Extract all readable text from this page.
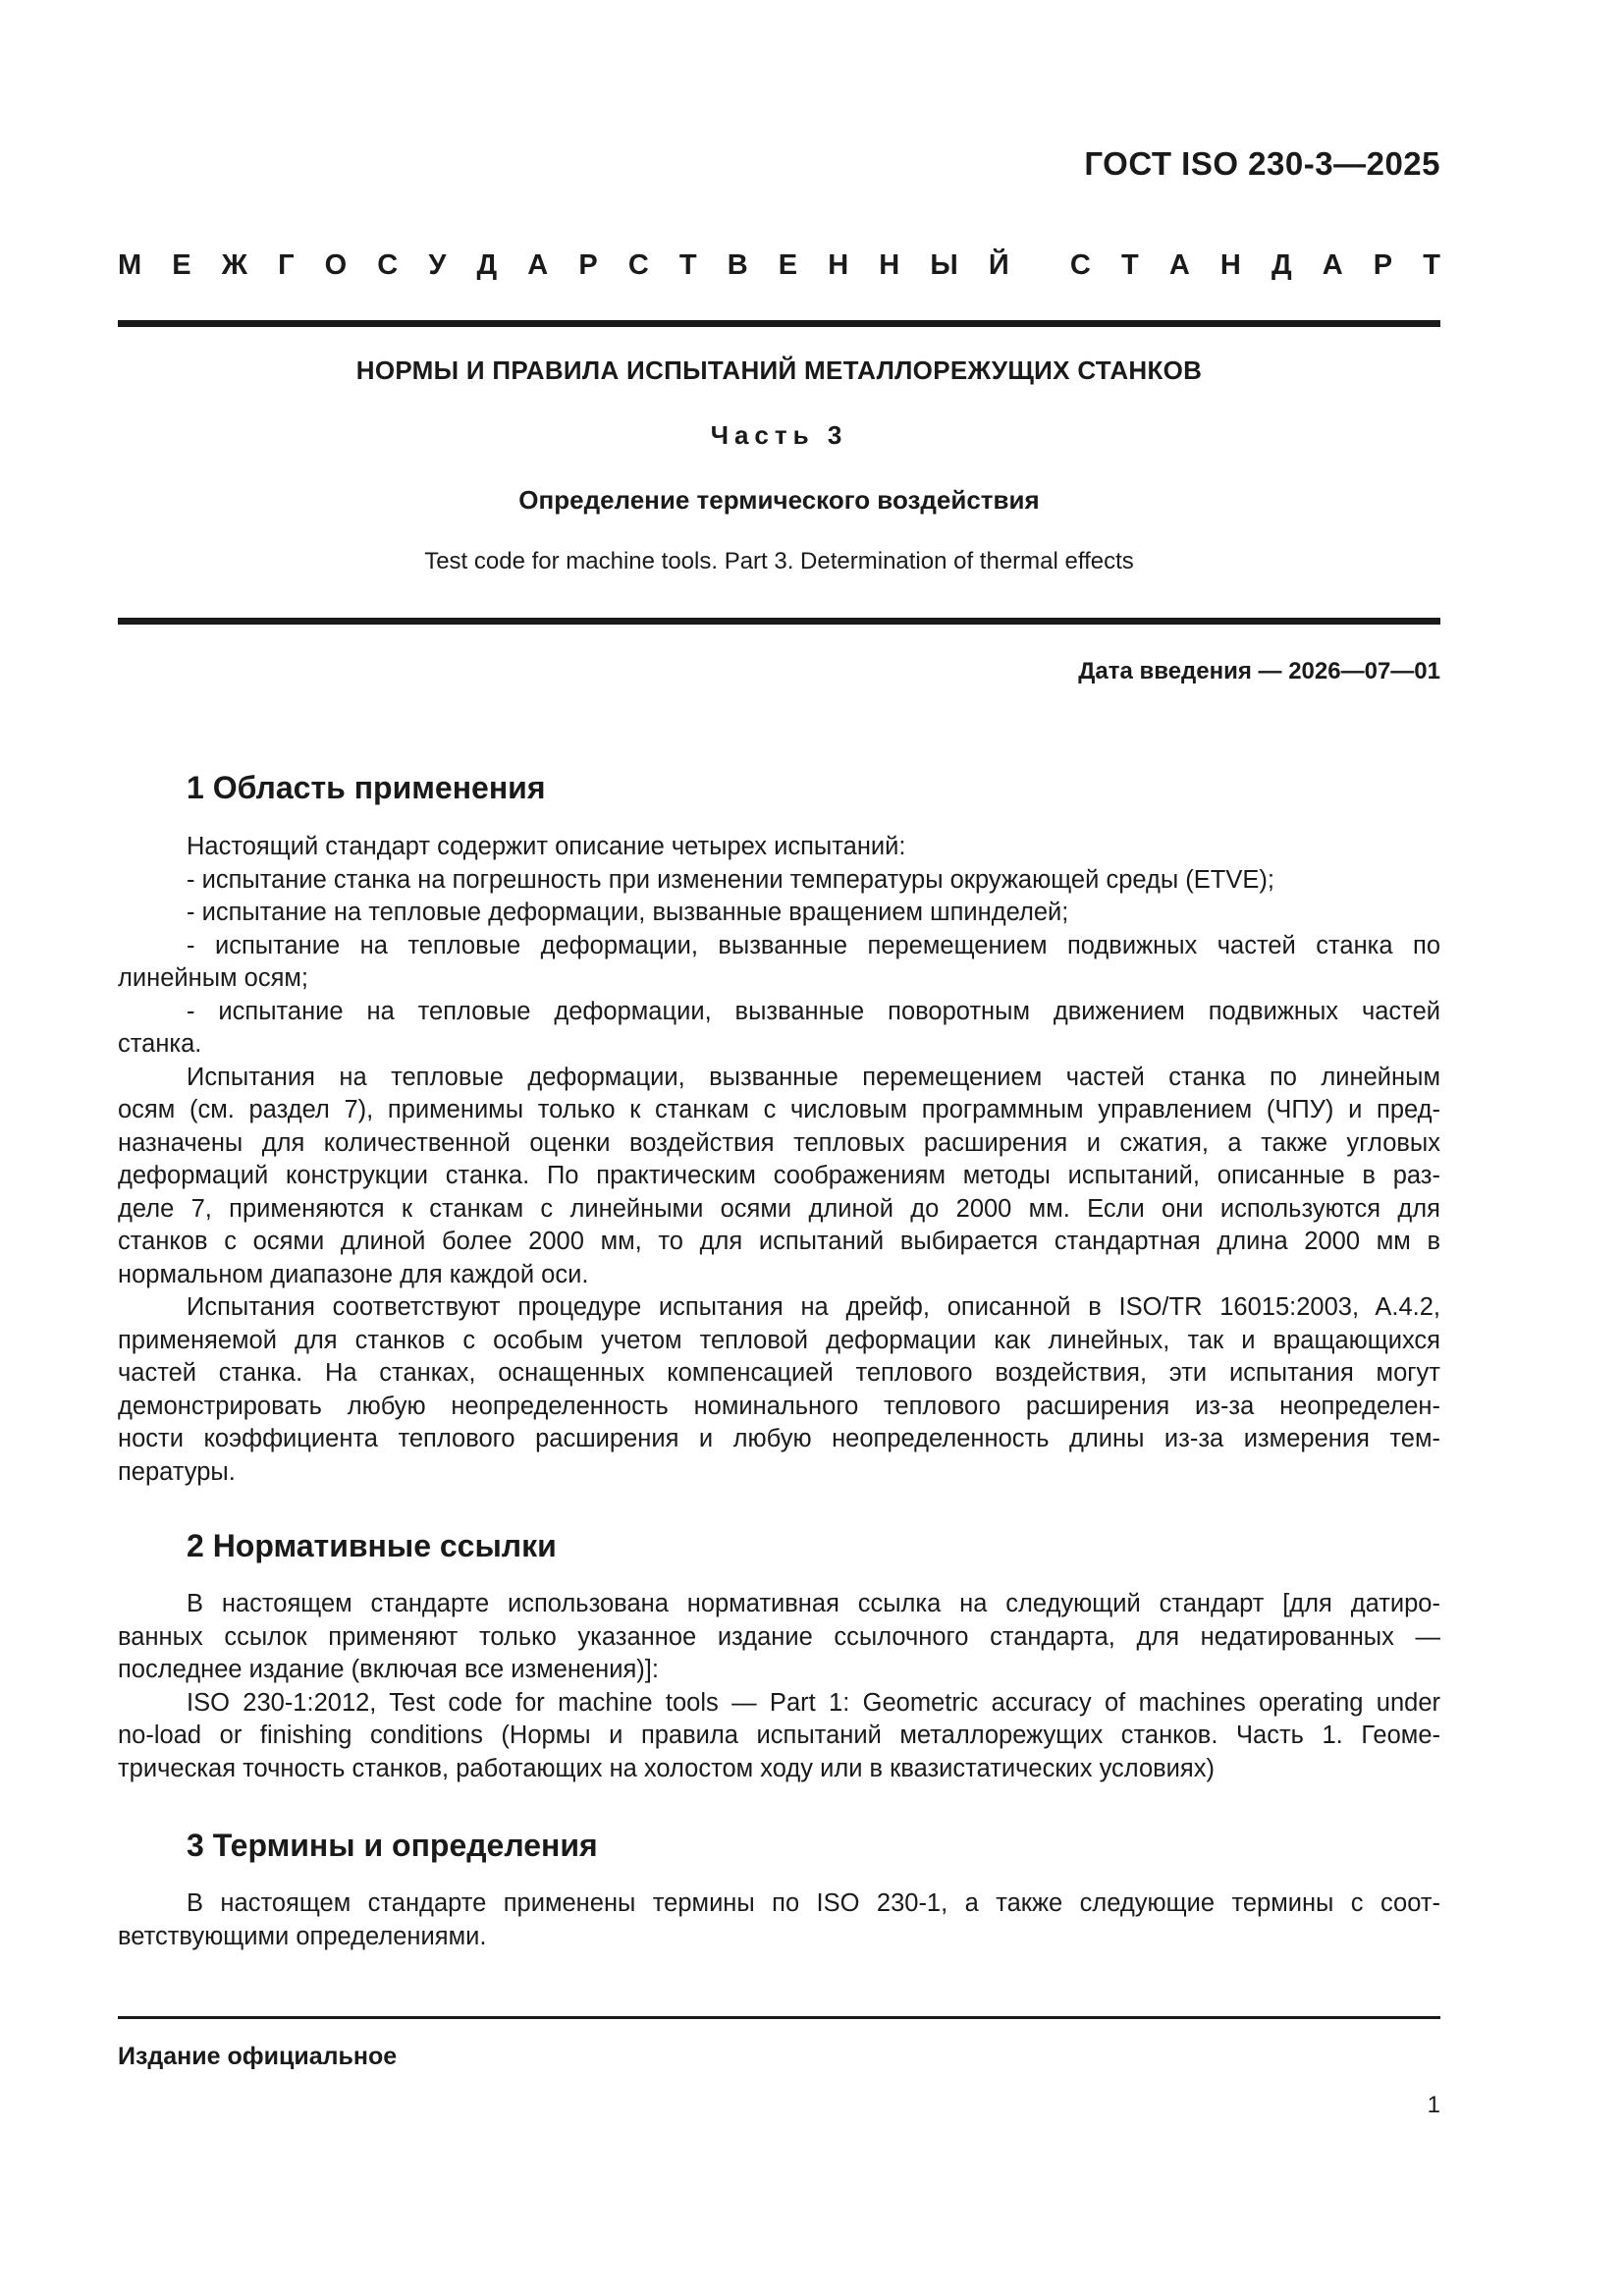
ГОСТ ISO 230-3—2025
М Е Ж Г О С У Д А Р С Т В Е Н Н Ы Й С Т А Н Д А Р Т
НОРМЫ И ПРАВИЛА ИСПЫТАНИЙ МЕТАЛЛОРЕЖУЩИХ СТАНКОВ
Часть 3
Определение термического воздействия
Test code for machine tools. Part 3. Determination of thermal effects
Дата введения — 2026—07—01
1 Область применения

Настоящий стандарт содержит описание четырех испытаний:

- испытание станка на погрешность при изменении температуры окружающей среды (ETVE);

- испытание на тепловые деформации, вызванные вращением шпинделей;

- испытание на тепловые деформации, вызванные перемещением подвижных частей станка по

линейным осям;

- испытание на тепловые деформации, вызванные поворотным движением подвижных частей

станка.

Испытания на тепловые деформации, вызванные перемещением частей станка по линейным

осям (см. раздел 7), применимы только к станкам с числовым программным управлением (ЧПУ) и пред-

назначены для количественной оценки воздействия тепловых расширения и сжатия, а также угловых

деформаций конструкции станка. По практическим соображениям методы испытаний, описанные в раз-

деле 7, применяются к станкам с линейными осями длиной до 2000 мм. Если они используются для

станков с осями длиной более 2000 мм, то для испытаний выбирается стандартная длина 2000 мм в

нормальном диапазоне для каждой оси.

Испытания соответствуют процедуре испытания на дрейф, описанной в ISO/TR 16015:2003, A.4.2,

применяемой для станков с особым учетом тепловой деформации как линейных, так и вращающихся

частей станка. На станках, оснащенных компенсацией теплового воздействия, эти испытания могут

демонстрировать любую неопределенность номинального теплового расширения из-за неопределен-

ности коэффициента теплового расширения и любую неопределенность длины из-за измерения тем-

пературы.

2 Нормативные ссылки

В настоящем стандарте использована нормативная ссылка на следующий стандарт [для датиро-

ванных ссылок применяют только указанное издание ссылочного стандарта, для недатированных —

последнее издание (включая все изменения)]:

ISO 230-1:2012, Test code for machine tools — Part 1: Geometric accuracy of machines operating under

no-load or finishing conditions (Нормы и правила испытаний металлорежущих станков. Часть 1. Геоме-

трическая точность станков, работающих на холостом ходу или в квазистатических условиях)

3 Термины и определения

В настоящем стандарте применены термины по ISO 230-1, а также следующие термины с соот-

ветствующими определениями.

Издание официальное
1
